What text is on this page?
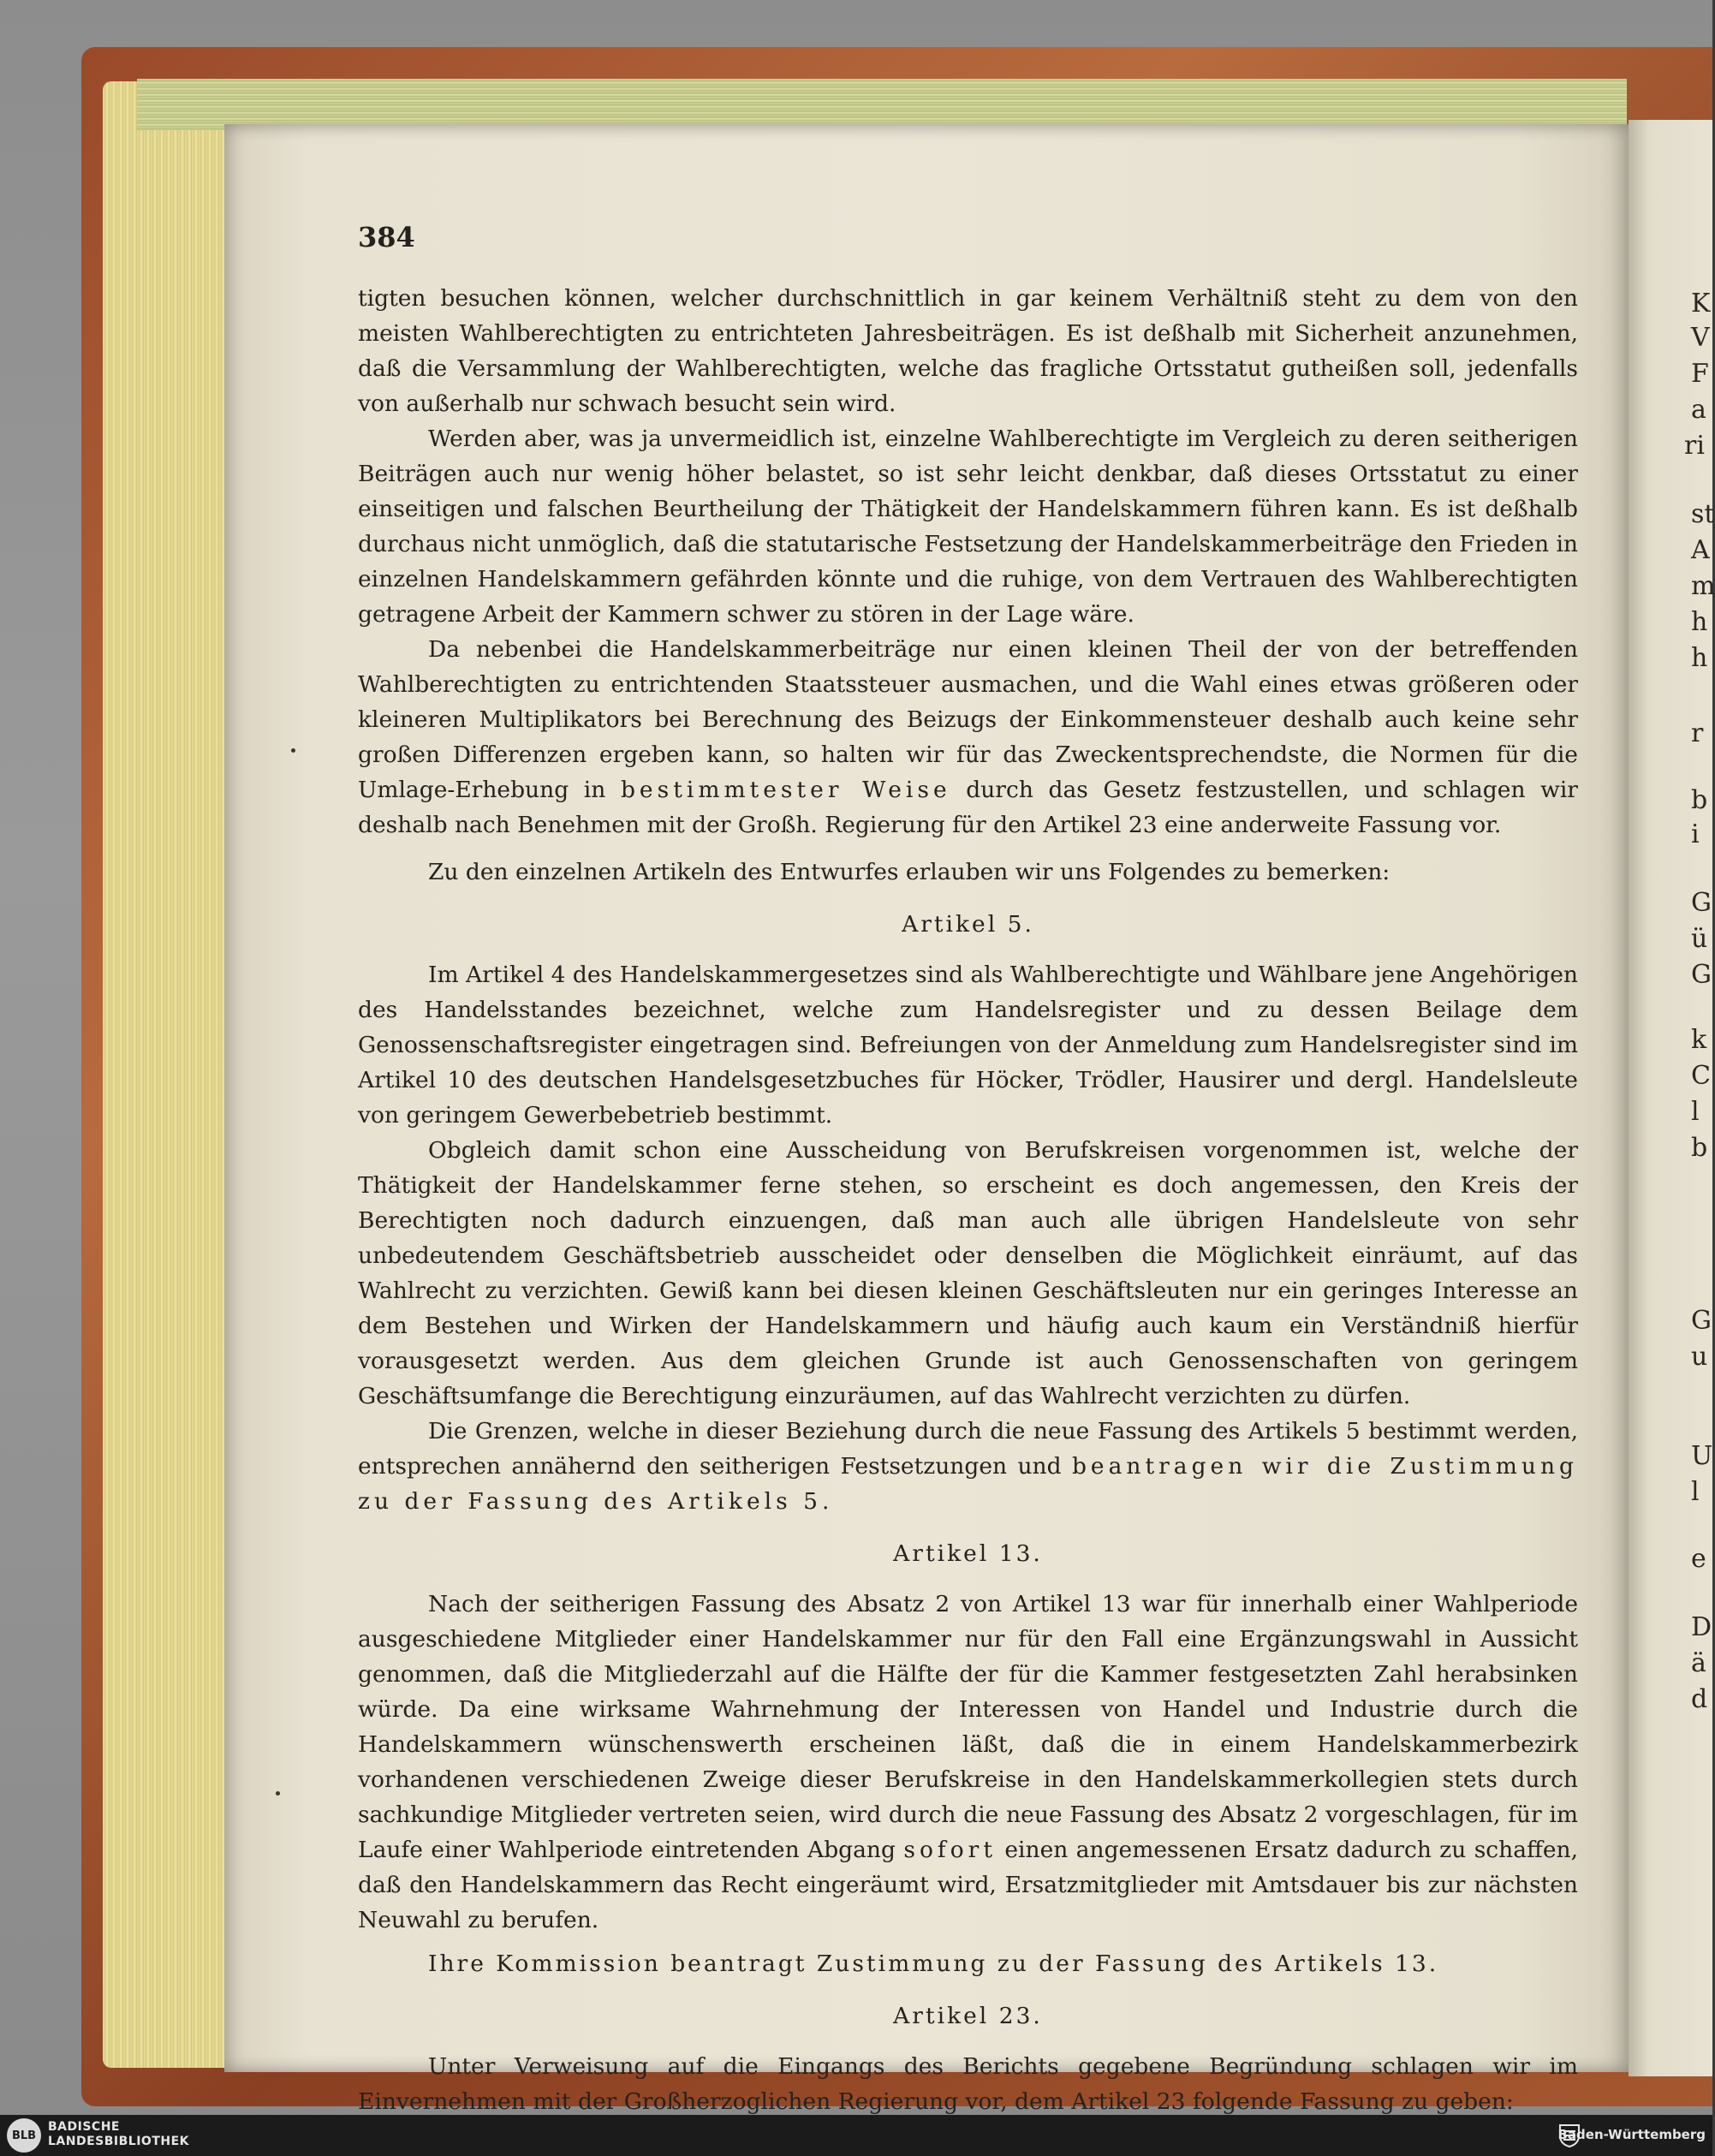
K
V
F
a
ri
st
A
m
h
h
r
b
i
G
ü
G
k
C
l
b
G
u
U
l
e
D
ä
d
384

tigten besuchen können, welcher durchschnittlich in gar keinem Verhältniß steht zu dem von den meisten Wahlberechtigten zu entrichteten Jahresbeiträgen. Es ist deßhalb mit Sicherheit anzunehmen, daß die Versammlung der Wahlberechtigten, welche das fragliche Ortsstatut gutheißen soll, jedenfalls von außerhalb nur schwach besucht sein wird.

Werden aber, was ja unvermeidlich ist, einzelne Wahlberechtigte im Vergleich zu deren seitherigen Beiträgen auch nur wenig höher belastet, so ist sehr leicht denkbar, daß dieses Ortsstatut zu einer einseitigen und falschen Beurtheilung der Thätigkeit der Handelskammern führen kann. Es ist deßhalb durchaus nicht unmöglich, daß die statutarische Festsetzung der Handelskammerbeiträge den Frieden in einzelnen Handelskammern gefährden könnte und die ruhige, von dem Vertrauen des Wahlberechtigten getragene Arbeit der Kammern schwer zu stören in der Lage wäre.

Da nebenbei die Handelskammerbeiträge nur einen kleinen Theil der von der betreffenden Wahlberechtigten zu entrichtenden Staatssteuer ausmachen, und die Wahl eines etwas größeren oder kleineren Multiplikators bei Berechnung des Beizugs der Einkommensteuer deshalb auch keine sehr großen Differenzen ergeben kann, so halten wir für das Zweckentsprechendste, die Normen für die Umlage-Erhebung in bestimmtester Weise durch das Gesetz festzustellen, und schlagen wir deshalb nach Benehmen mit der Großh. Regierung für den Artikel 23 eine anderweite Fassung vor.

Zu den einzelnen Artikeln des Entwurfes erlauben wir uns Folgendes zu bemerken:

Artikel 5.

Im Artikel 4 des Handelskammergesetzes sind als Wahlberechtigte und Wählbare jene Angehörigen des Handelsstandes bezeichnet, welche zum Handelsregister und zu dessen Beilage dem Genossenschaftsregister eingetragen sind. Befreiungen von der Anmeldung zum Handelsregister sind im Artikel 10 des deutschen Handelsgesetzbuches für Höcker, Trödler, Hausirer und dergl. Handelsleute von geringem Gewerbebetrieb bestimmt.

Obgleich damit schon eine Ausscheidung von Berufskreisen vorgenommen ist, welche der Thätigkeit der Handelskammer ferne stehen, so erscheint es doch angemessen, den Kreis der Berechtigten noch dadurch einzuengen, daß man auch alle übrigen Handelsleute von sehr unbedeutendem Geschäftsbetrieb ausscheidet oder denselben die Möglichkeit einräumt, auf das Wahlrecht zu verzichten. Gewiß kann bei diesen kleinen Geschäftsleuten nur ein geringes Interesse an dem Bestehen und Wirken der Handelskammern und häufig auch kaum ein Verständniß hierfür vorausgesetzt werden. Aus dem gleichen Grunde ist auch Genossenschaften von geringem Geschäftsumfange die Berechtigung einzuräumen, auf das Wahlrecht verzichten zu dürfen.

Die Grenzen, welche in dieser Beziehung durch die neue Fassung des Artikels 5 bestimmt werden, entsprechen annähernd den seitherigen Festsetzungen und beantragen wir die Zustimmung zu der Fassung des Artikels 5.

Artikel 13.

Nach der seitherigen Fassung des Absatz 2 von Artikel 13 war für innerhalb einer Wahlperiode ausgeschiedene Mitglieder einer Handelskammer nur für den Fall eine Ergänzungswahl in Aussicht genommen, daß die Mitgliederzahl auf die Hälfte der für die Kammer festgesetzten Zahl herabsinken würde. Da eine wirksame Wahrnehmung der Interessen von Handel und Industrie durch die Handelskammern wünschenswerth erscheinen läßt, daß die in einem Handelskammerbezirk vorhandenen verschiedenen Zweige dieser Berufskreise in den Handelskammerkollegien stets durch sachkundige Mitglieder vertreten seien, wird durch die neue Fassung des Absatz 2 vorgeschlagen, für im Laufe einer Wahlperiode eintretenden Abgang sofort einen angemessenen Ersatz dadurch zu schaffen, daß den Handelskammern das Recht eingeräumt wird, Ersatzmitglieder mit Amtsdauer bis zur nächsten Neuwahl zu berufen.

Ihre Kommission beantragt Zustimmung zu der Fassung des Artikels 13.

Artikel 23.

Unter Verweisung auf die Eingangs des Berichts gegebene Begründung schlagen wir im Einvernehmen mit der Großherzoglichen Regierung vor, dem Artikel 23 folgende Fassung zu geben:

BLB
BADISCHE
LANDESBIBLIOTHEK	Baden-Württemberg
